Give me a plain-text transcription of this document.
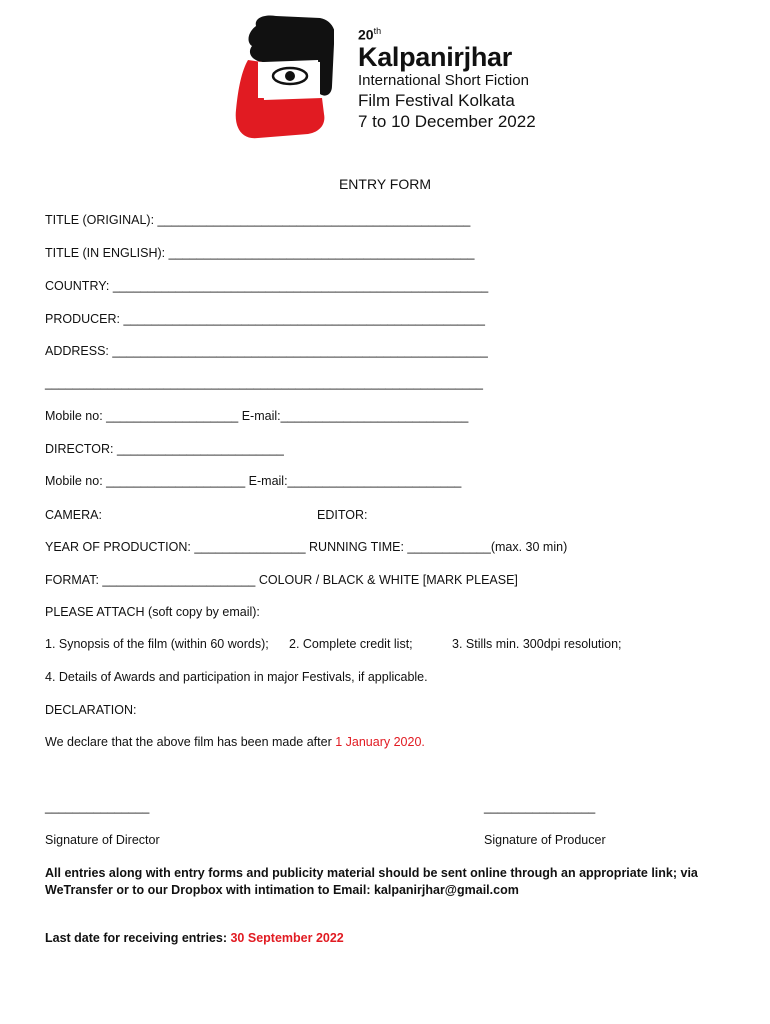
20th
Kalpanirjhar
International Short Fiction
Film Festival Kolkata
7 to 10 December 2022
ENTRY FORM
TITLE (ORIGINAL): _____________________________________________
TITLE (IN ENGLISH): ____________________________________________
COUNTRY: ______________________________________________________
PRODUCER: ____________________________________________________
ADDRESS: ______________________________________________________
_______________________________________________________________
Mobile no: ___________________ E-mail:___________________________
DIRECTOR: ________________________
Mobile no: ____________________ E-mail:_________________________
CAMERA:	EDITOR:
YEAR OF PRODUCTION: ________________ RUNNING TIME: ____________(max. 30 min)
FORMAT: ______________________ COLOUR / BLACK & WHITE [MARK PLEASE]
PLEASE ATTACH (soft copy by email):
1. Synopsis of the film (within 60 words); 2. Complete credit list;	3. Stills min. 300dpi resolution;
4. Details of Awards and participation in major Festivals, if applicable.
DECLARATION:
We declare that the above film has been made after 1 January 2020.
_______________	________________
Signature of Director	Signature of Producer
All entries along with entry forms and publicity material should be sent online through an appropriate link; via
WeTransfer or to our Dropbox with intimation to Email: kalpanirjhar@gmail.com
Last date for receiving entries: 30 September 2022
